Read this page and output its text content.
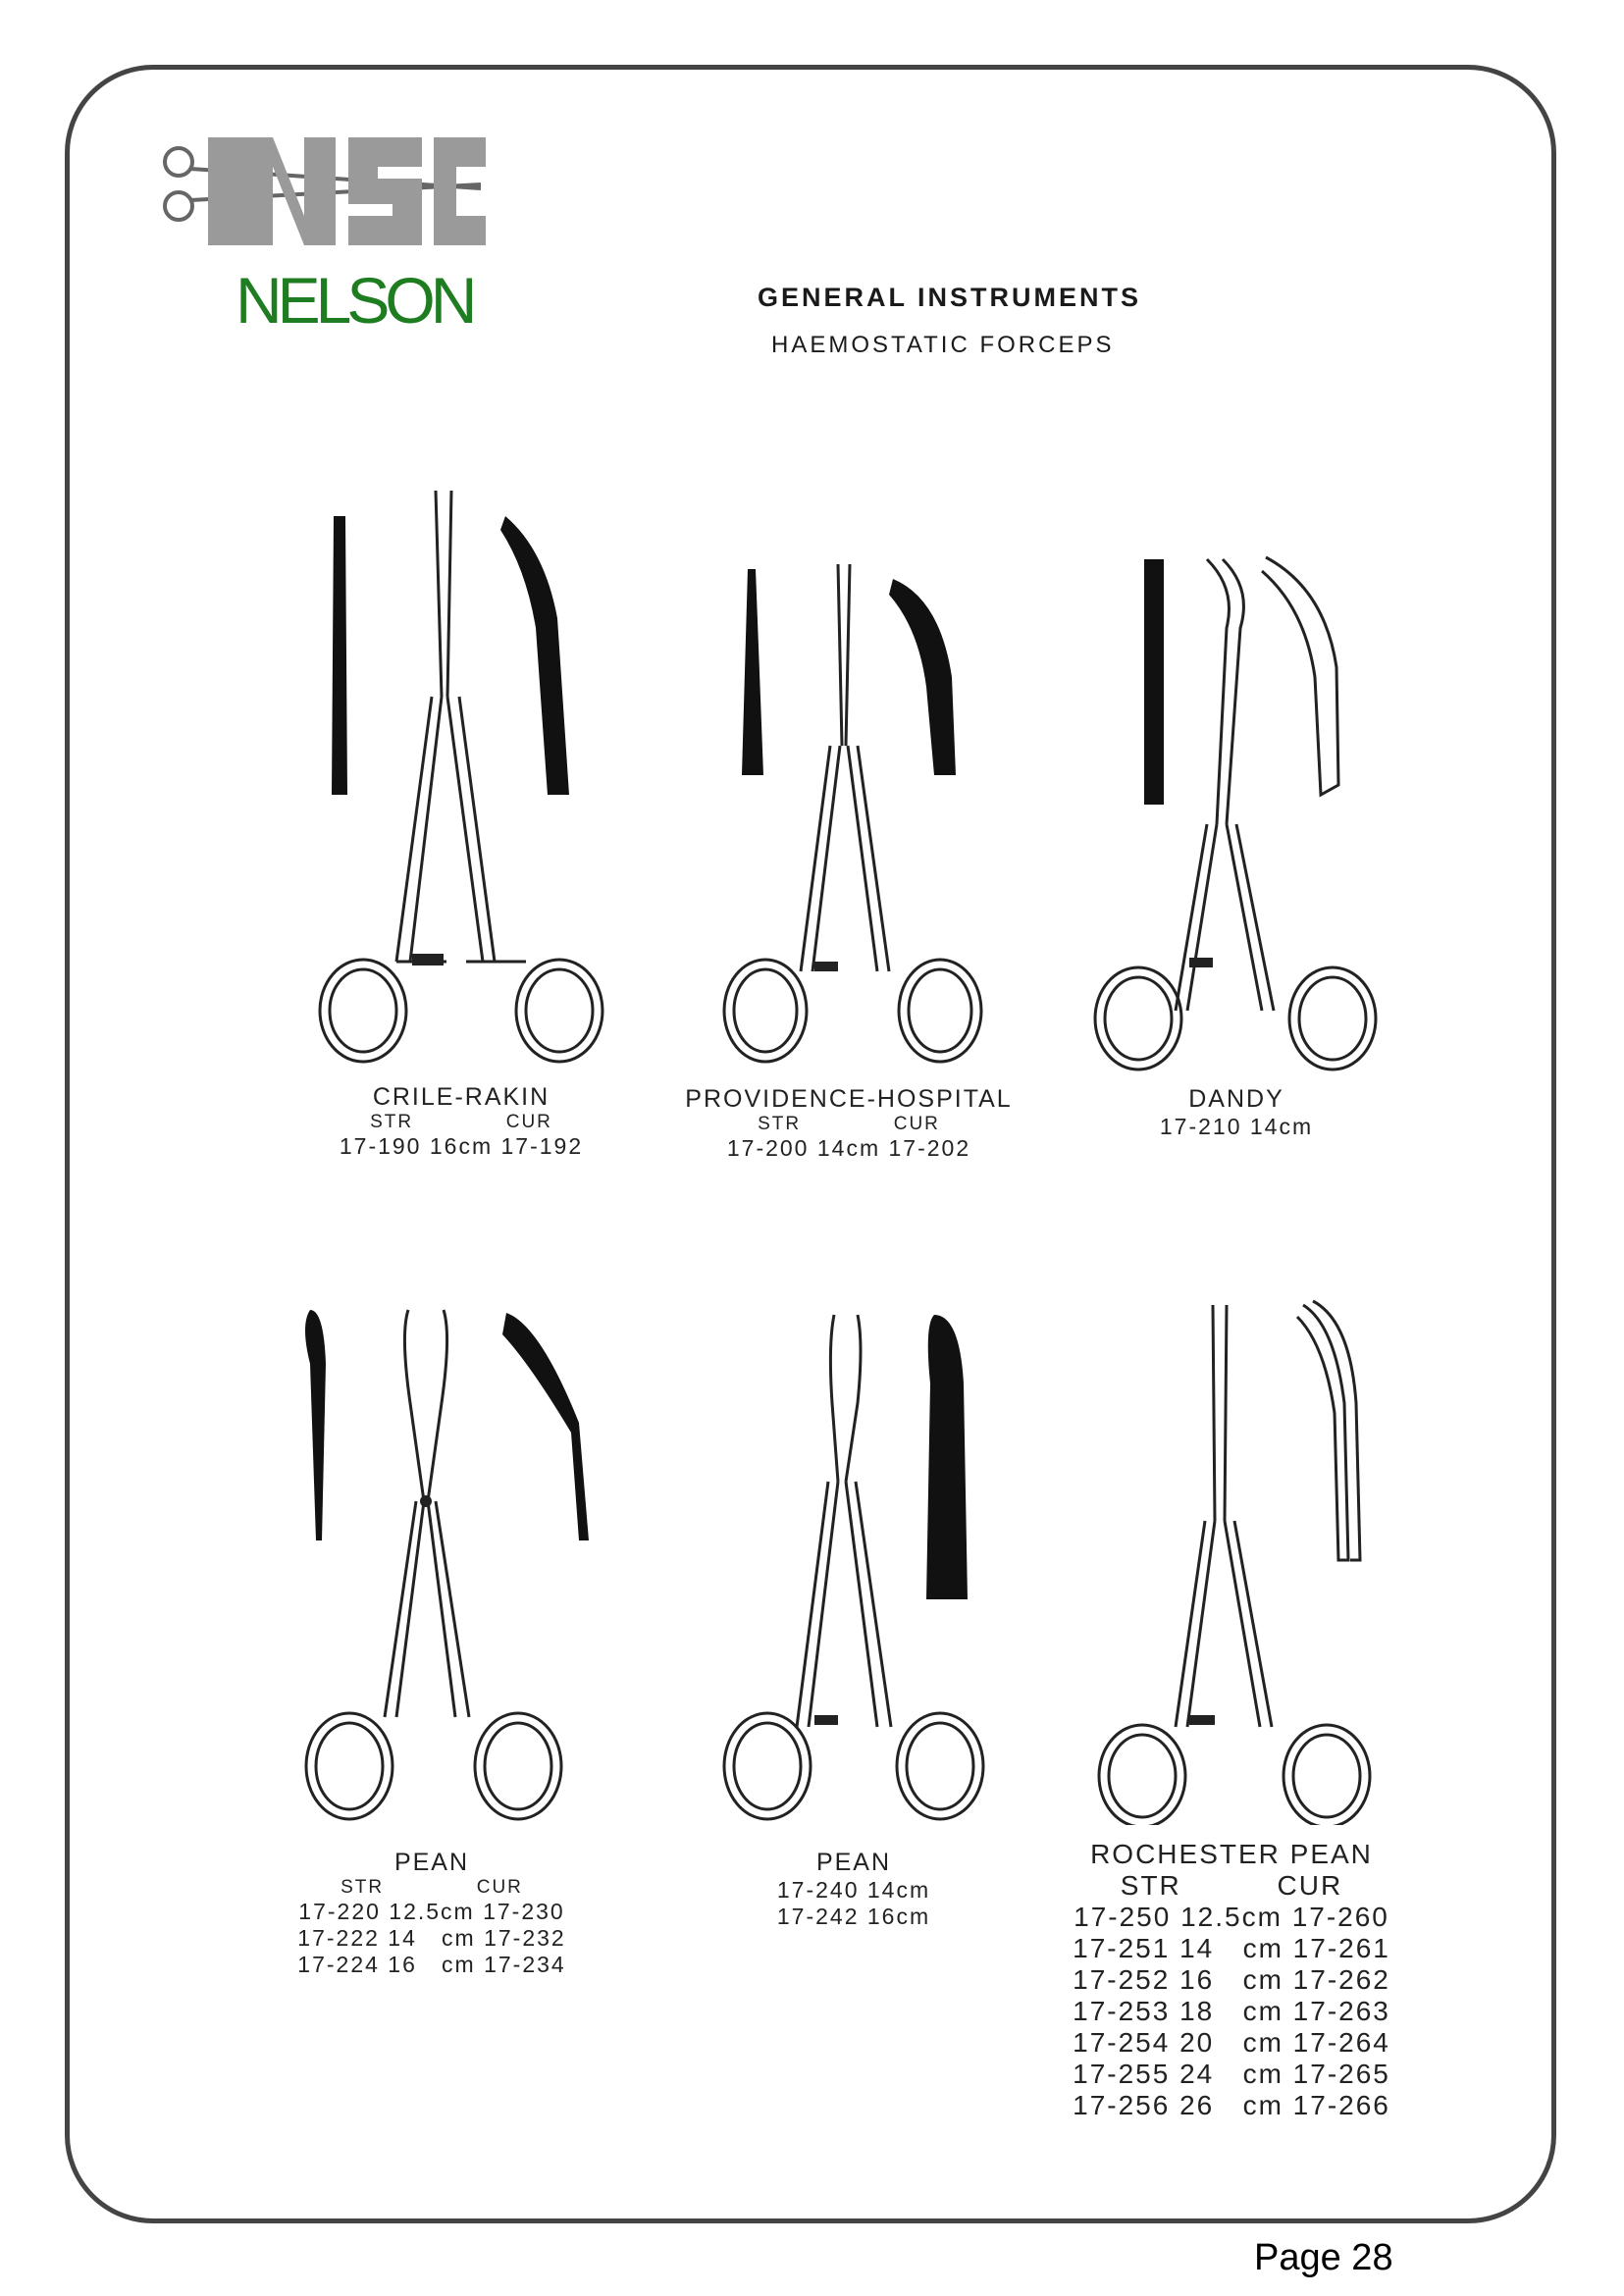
NELSON	GENERAL INSTRUMENTS
HAEMOSTATIC FORCEPS
CRILE-RAKIN
STR             CUR
17-190 16cm 17-192
PROVIDENCE-HOSPITAL
STR             CUR
17-200 14cm 17-202
DANDY
17-210 14cm
PEAN
STR             CUR
17-220 12.5cm 17-230
17-222 14   cm 17-232
17-224 16   cm 17-234
PEAN
17-240 14cm
17-242 16cm
ROCHESTER PEAN
STR          CUR
17-250 12.5cm 17-260
17-251 14   cm 17-261
17-252 16   cm 17-262
17-253 18   cm 17-263
17-254 20   cm 17-264
17-255 24   cm 17-265
17-256 26   cm 17-266
Page 28
